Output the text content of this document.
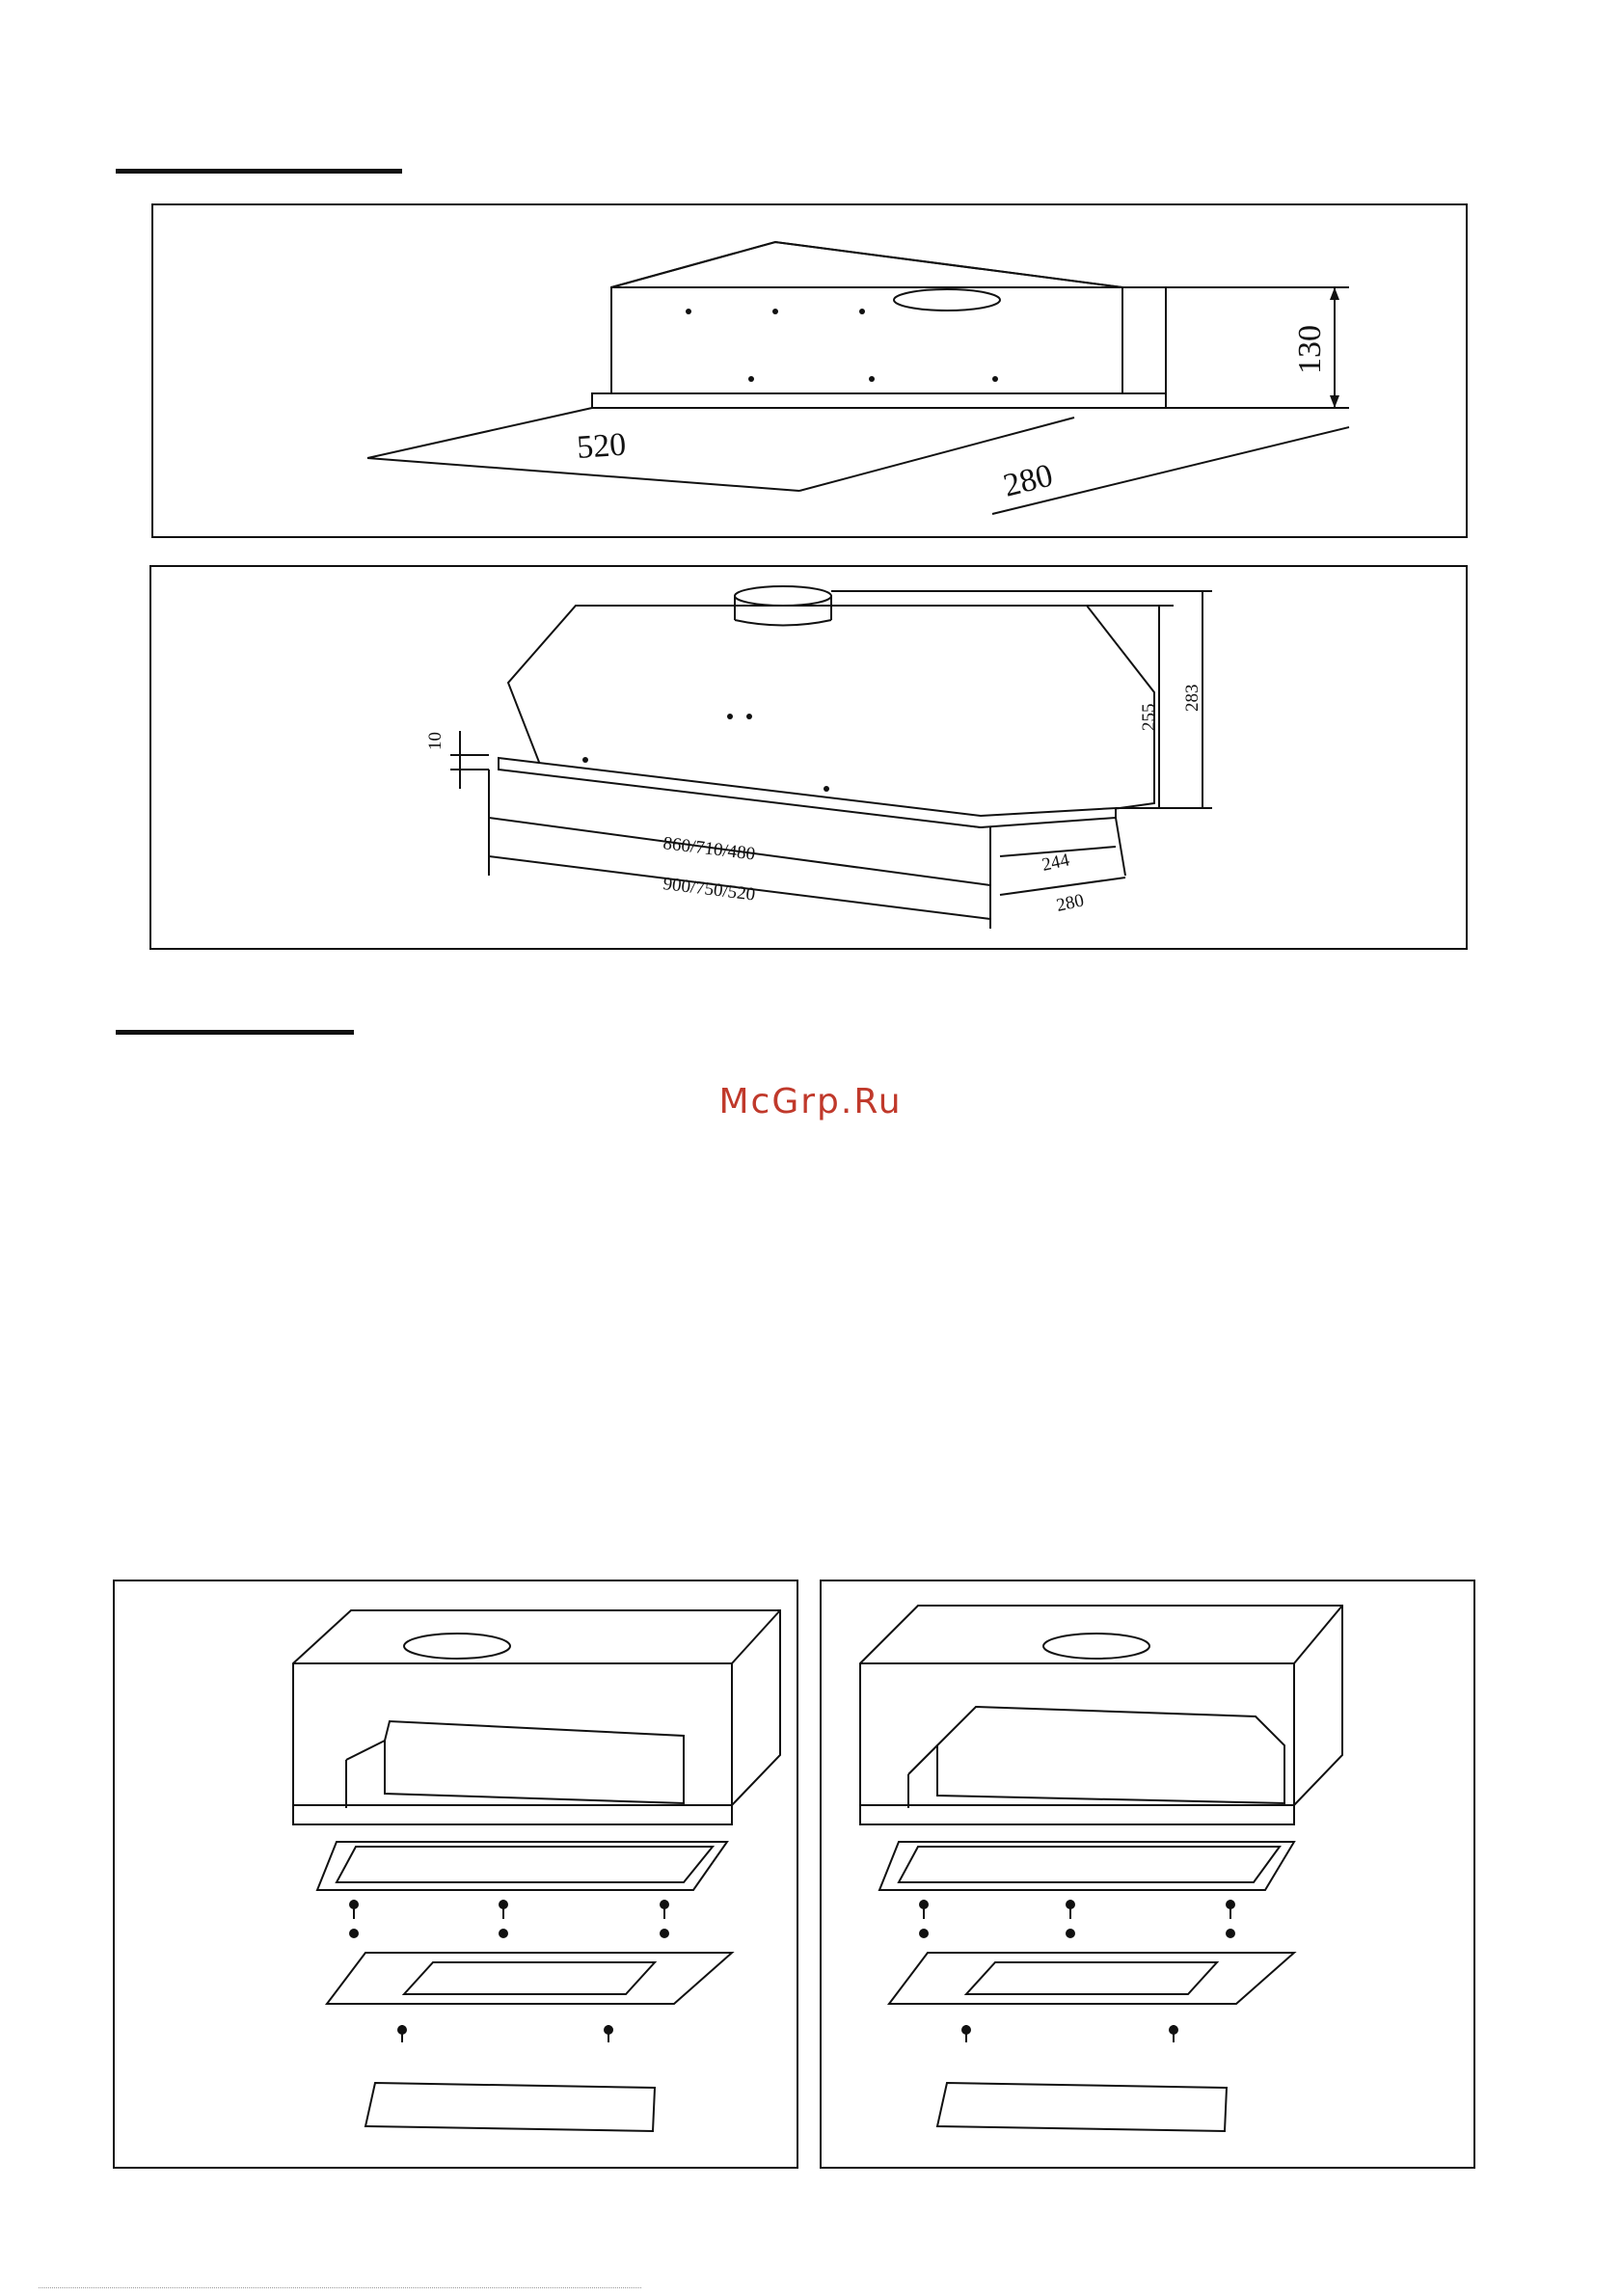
520
280
130
10
860/710/480
900/750/520
244
280
255
283
McGrp.Ru
